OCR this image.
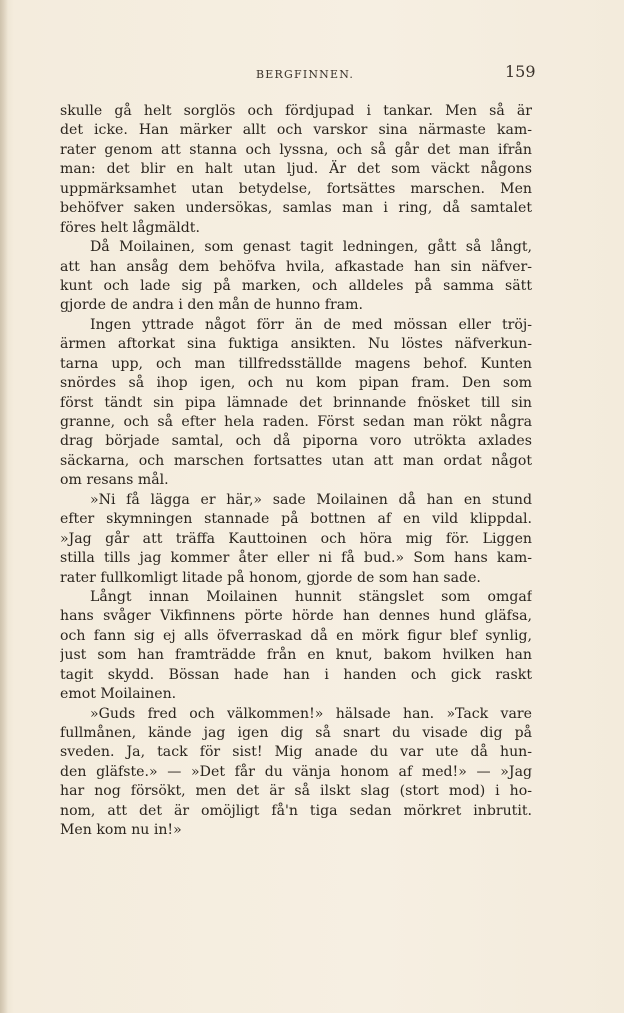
BERGFINNEN.	159
skulle gå helt sorglös och fördjupad i tankar. Men så är
det icke. Han märker allt och varskor sina närmaste kam-
rater genom att stanna och lyssna, och så går det man ifrån
man: det blir en halt utan ljud. Är det som väckt någons
uppmärksamhet utan betydelse, fortsättes marschen. Men
behöfver saken undersökas, samlas man i ring, då samtalet
föres helt lågmäldt.
Då Moilainen, som genast tagit ledningen, gått så långt,
att han ansåg dem behöfva hvila, afkastade han sin näfver-
kunt och lade sig på marken, och alldeles på samma sätt
gjorde de andra i den mån de hunno fram.
Ingen yttrade något förr än de med mössan eller tröj-
ärmen aftorkat sina fuktiga ansikten. Nu löstes näfverkun-
tarna upp, och man tillfredsställde magens behof. Kunten
snördes så ihop igen, och nu kom pipan fram. Den som
först tändt sin pipa lämnade det brinnande fnösket till sin
granne, och så efter hela raden. Först sedan man rökt några
drag började samtal, och då piporna voro utrökta axlades
säckarna, och marschen fortsattes utan att man ordat något
om resans mål.
»Ni få lägga er här,» sade Moilainen då han en stund
efter skymningen stannade på bottnen af en vild klippdal.
»Jag går att träffa Kauttoinen och höra mig för. Liggen
stilla tills jag kommer åter eller ni få bud.» Som hans kam-
rater fullkomligt litade på honom, gjorde de som han sade.
Långt innan Moilainen hunnit stängslet som omgaf
hans svåger Vikfinnens pörte hörde han dennes hund gläfsa,
och fann sig ej alls öfverraskad då en mörk figur blef synlig,
just som han framträdde från en knut, bakom hvilken han
tagit skydd. Bössan hade han i handen och gick raskt
emot Moilainen.
»Guds fred och välkommen!» hälsade han. »Tack vare
fullmånen, kände jag igen dig så snart du visade dig på
sveden. Ja, tack för sist! Mig anade du var ute då hun-
den gläfste.» — »Det får du vänja honom af med!» — »Jag
har nog försökt, men det är så ilskt slag (stort mod) i ho-
nom, att det är omöjligt få'n tiga sedan mörkret inbrutit.
Men kom nu in!»
